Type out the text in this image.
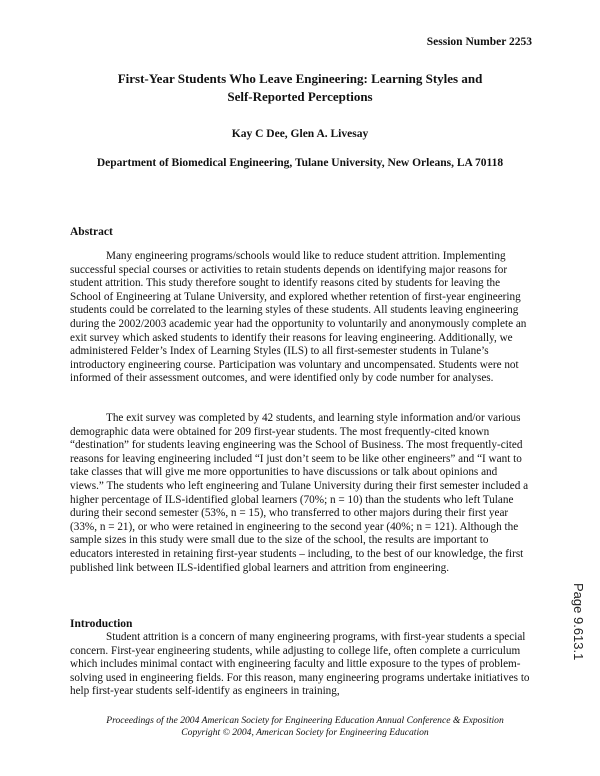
Session Number 2253
First-Year Students Who Leave Engineering: Learning Styles and
Self-Reported Perceptions
Kay C Dee, Glen A. Livesay
Department of Biomedical Engineering, Tulane University, New Orleans, LA 70118
Abstract

Many engineering programs/schools would like to reduce student attrition. Implementing successful special courses or activities to retain students depends on identifying major reasons for student attrition. This study therefore sought to identify reasons cited by students for leaving the School of Engineering at Tulane University, and explored whether retention of first-year engineering students could be correlated to the learning styles of these students. All students leaving engineering during the 2002/2003 academic year had the opportunity to voluntarily and anonymously complete an exit survey which asked students to identify their reasons for leaving engineering. Additionally, we administered Felder’s Index of Learning Styles (ILS) to all first-semester students in Tulane’s introductory engineering course. Participation was voluntary and uncompensated. Students were not informed of their assessment outcomes, and were identified only by code number for analyses.

The exit survey was completed by 42 students, and learning style information and/or various demographic data were obtained for 209 first-year students. The most frequently-cited known “destination” for students leaving engineering was the School of Business. The most frequently-cited reasons for leaving engineering included “I just don’t seem to be like other engineers” and “I want to take classes that will give me more opportunities to have discussions or talk about opinions and views.” The students who left engineering and Tulane University during their first semester included a higher percentage of ILS-identified global learners (70%; n = 10) than the students who left Tulane during their second semester (53%, n = 15), who transferred to other majors during their first year (33%, n = 21), or who were retained in engineering to the second year (40%; n = 121). Although the sample sizes in this study were small due to the size of the school, the results are important to educators interested in retaining first-year students – including, to the best of our knowledge, the first published link between ILS-identified global learners and attrition from engineering.

Introduction

Student attrition is a concern of many engineering programs, with first-year students a special concern. First-year engineering students, while adjusting to college life, often complete a curriculum which includes minimal contact with engineering faculty and little exposure to the types of problem-solving used in engineering fields. For this reason, many engineering programs undertake initiatives to help first-year students self-identify as engineers in training,

Proceedings of the 2004 American Society for Engineering Education Annual Conference & Exposition
Copyright © 2004, American Society for Engineering Education
Page 9.613.1
